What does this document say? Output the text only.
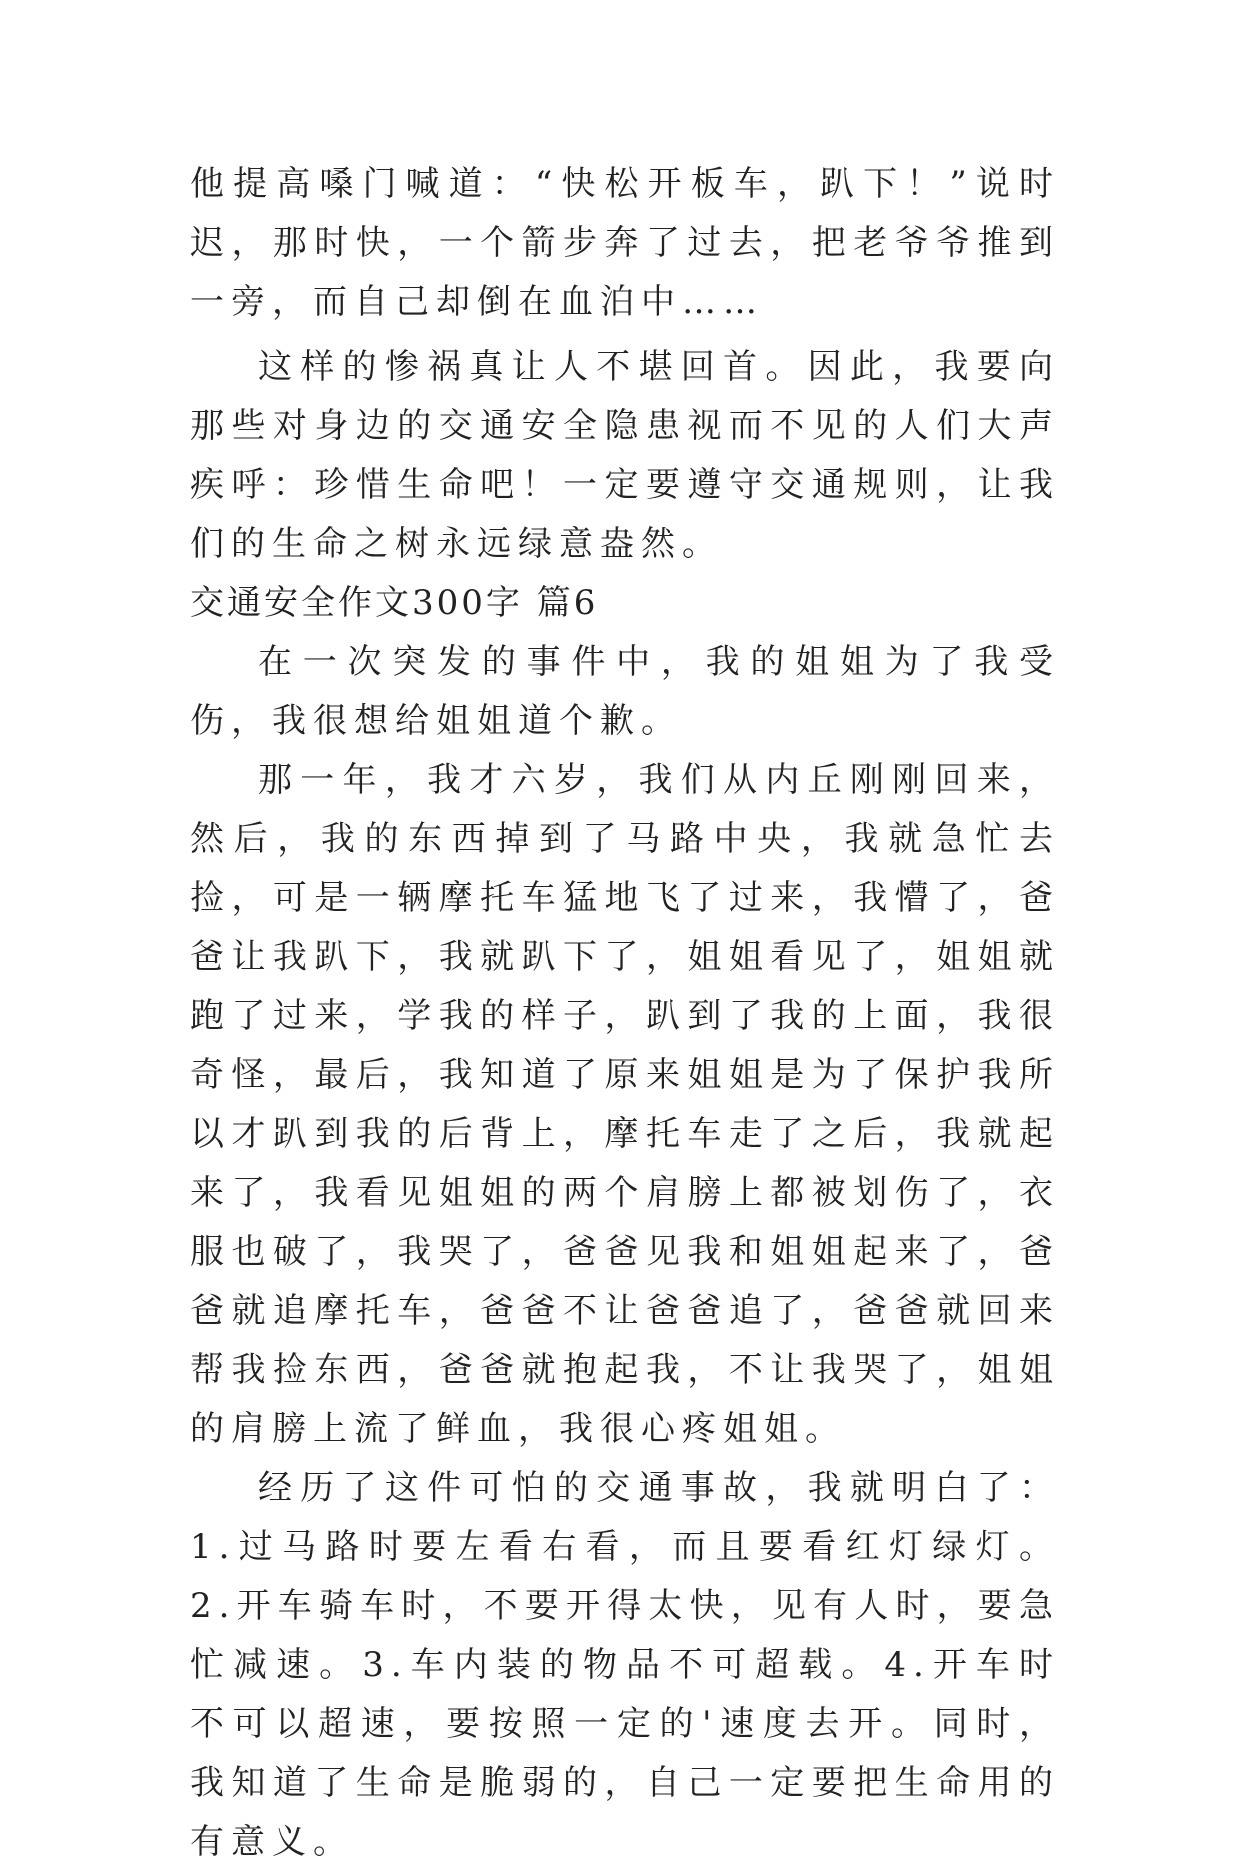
他提高嗓门喊道：“快松开板车，趴下！”说时迟，那时快，一个箭步奔了过去，把老爷爷推到一旁，而自己却倒在血泊中……

这样的惨祸真让人不堪回首。因此，我要向那些对身边的交通安全隐患视而不见的人们大声疾呼：珍惜生命吧！一定要遵守交通规则，让我们的生命之树永远绿意盎然。

交通安全作文300字 篇6

在一次突发的事件中，我的姐姐为了我受伤，我很想给姐姐道个歉。

那一年，我才六岁，我们从内丘刚刚回来，然后，我的东西掉到了马路中央，我就急忙去捡，可是一辆摩托车猛地飞了过来，我懵了，爸爸让我趴下，我就趴下了，姐姐看见了，姐姐就跑了过来，学我的样子，趴到了我的上面，我很奇怪，最后，我知道了原来姐姐是为了保护我所以才趴到我的后背上，摩托车走了之后，我就起来了，我看见姐姐的两个肩膀上都被划伤了，衣服也破了，我哭了，爸爸见我和姐姐起来了，爸爸就追摩托车，爸爸不让爸爸追了，爸爸就回来帮我捡东西，爸爸就抱起我，不让我哭了，姐姐的肩膀上流了鲜血，我很心疼姐姐。

经历了这件可怕的交通事故，我就明白了：1.过马路时要左看右看，而且要看红灯绿灯。2.开车骑车时，不要开得太快，见有人时，要急忙减速。3.车内装的物品不可超载。4.开车时不可以超速，要按照一定的'速度去开。同时，我知道了生命是脆弱的，自己一定要把生命用的有意义。
